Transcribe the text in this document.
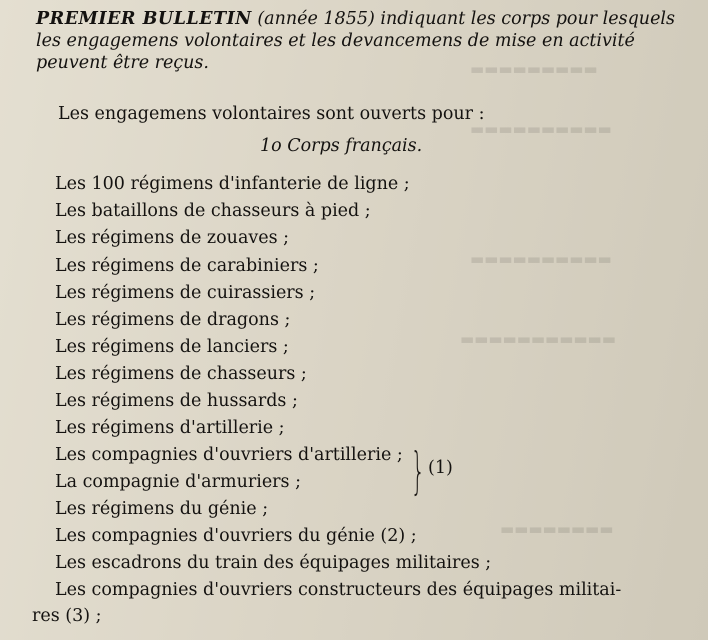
▬▬▬▬▬▬▬▬▬
▬▬▬▬▬▬▬▬▬▬
▬▬▬▬▬▬▬▬▬▬
▬▬▬▬▬▬▬▬▬▬▬
▬▬▬▬▬▬▬▬
PREMIER BULLETIN (année 1855) indiquant les corps pour lesquels les engagemens volontaires et les devancemens de mise en activité peuvent être reçus.
Les engagemens volontaires sont ouverts pour :
1o Corps français.
Les 100 régimens d'infanterie de ligne ;
Les bataillons de chasseurs à pied ;
Les régimens de zouaves ;
Les régimens de carabiniers ;
Les régimens de cuirassiers ;
Les régimens de dragons ;
Les régimens de lanciers ;
Les régimens de chasseurs ;
Les régimens de hussards ;
Les régimens d'artillerie ;
Les compagnies d'ouvriers d'artillerie ;
La compagnie d'armuriers ;
Les régimens du génie ;
Les compagnies d'ouvriers du génie (2) ;
Les escadrons du train des équipages militaires ;
Les compagnies d'ouvriers constructeurs des équipages militai-
res (3) ;
} (1)
